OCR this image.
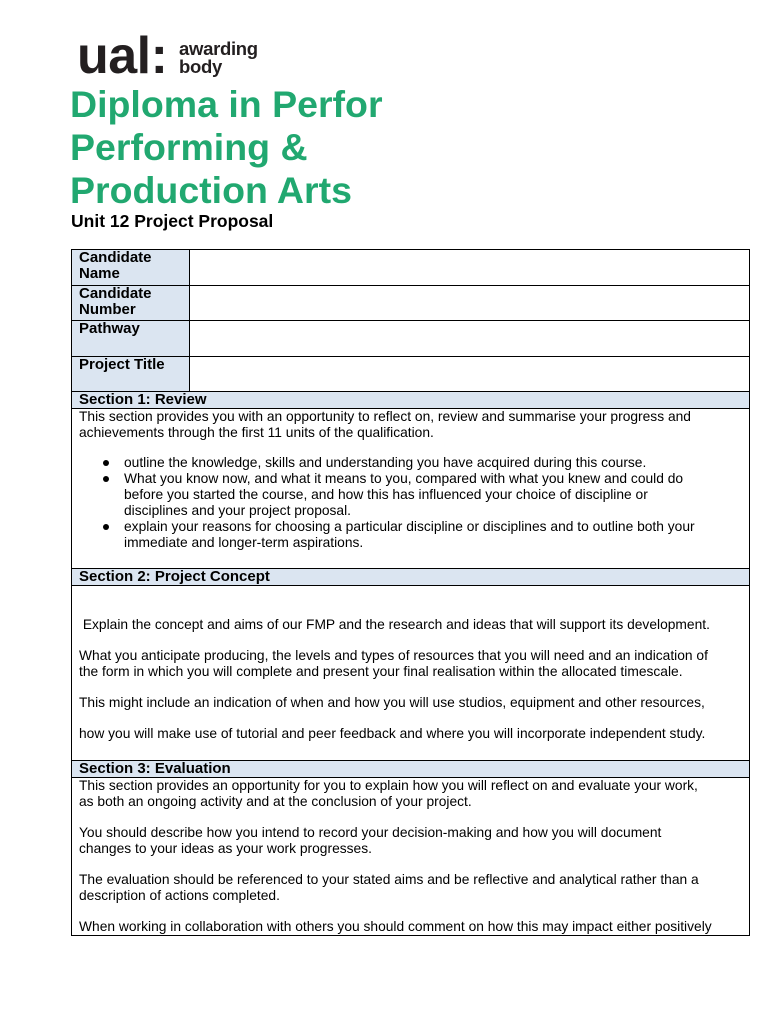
ual: awarding
body
Diploma in Perfor
Performing &
Production Arts
Unit 12 Project Proposal
Candidate Name
Candidate Number
Pathway
Project Title
Section 1: Review

This section provides you with an opportunity to reflect on, review and summarise your progress and
achievements through the first 11 units of the qualification.

outline the knowledge, skills and understanding you have acquired during this course.
What you know now, and what it means to you, compared with what you knew and could do
before you started the course, and how this has influenced your choice of discipline or
disciplines and your project proposal.
explain your reasons for choosing a particular discipline or disciplines and to outline both your
immediate and longer-term aspirations.
Section 2: Project Concept

Explain the concept and aims of our FMP and the research and ideas that will support its development.

What you anticipate producing, the levels and types of resources that you will need and an indication of
the form in which you will complete and present your final realisation within the allocated timescale.

This might include an indication of when and how you will use studios, equipment and other resources,

how you will make use of tutorial and peer feedback and where you will incorporate independent study.

Section 3: Evaluation

This section provides an opportunity for you to explain how you will reflect on and evaluate your work,
as both an ongoing activity and at the conclusion of your project.

You should describe how you intend to record your decision-making and how you will document
changes to your ideas as your work progresses.

The evaluation should be referenced to your stated aims and be reflective and analytical rather than a
description of actions completed.

When working in collaboration with others you should comment on how this may impact either positively
